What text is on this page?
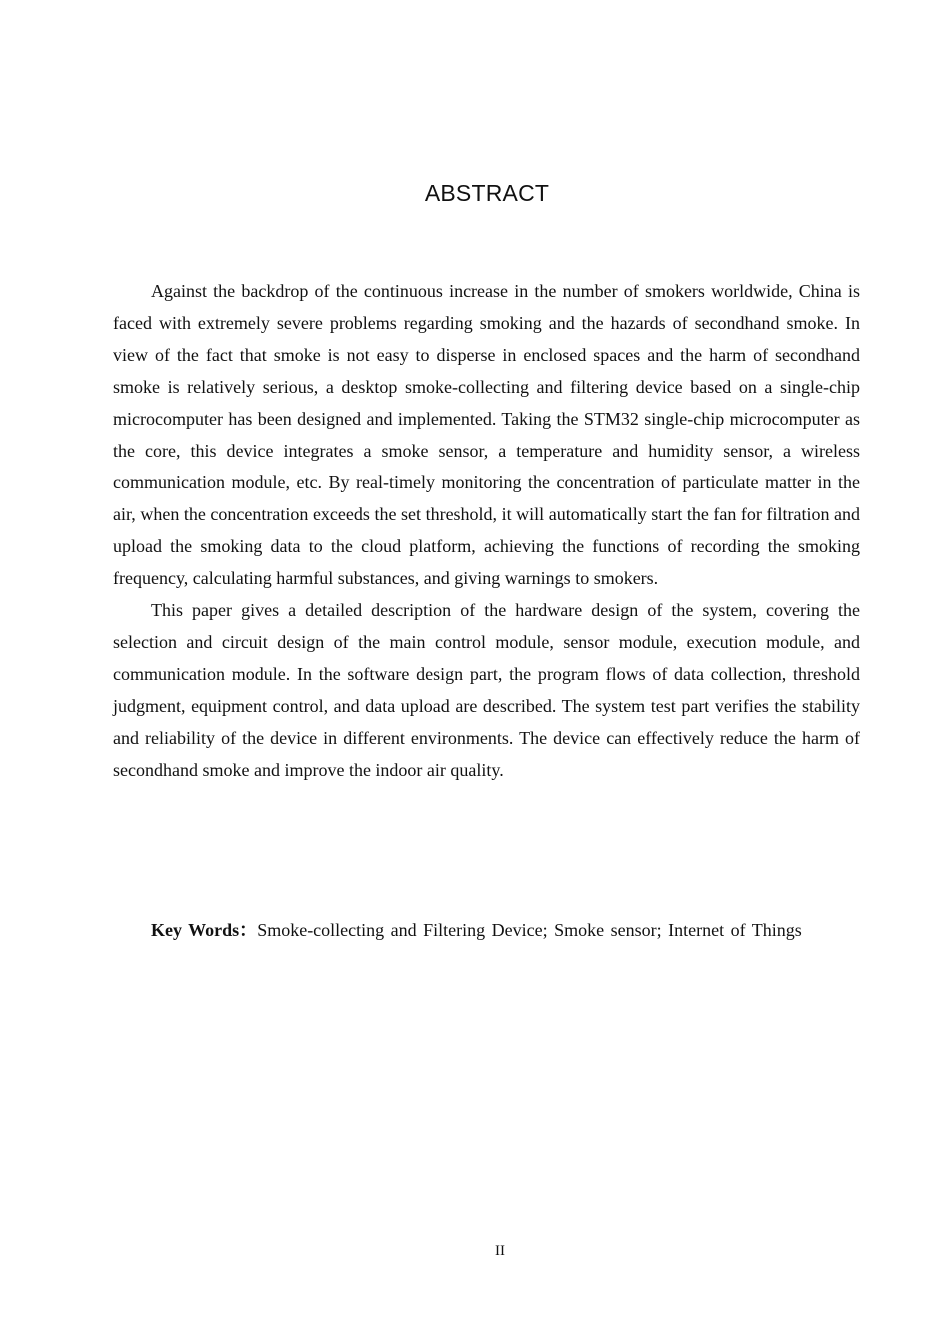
ABSTRACT

Against the backdrop of the continuous increase in the number of smokers worldwide, China is faced with extremely severe problems regarding smoking and the hazards of secondhand smoke. In view of the fact that smoke is not easy to disperse in enclosed spaces and the harm of secondhand smoke is relatively serious, a desktop smoke-collecting and filtering device based on a single-chip microcomputer has been designed and implemented. Taking the STM32 single-chip microcomputer as the core, this device integrates a smoke sensor, a temperature and humidity sensor, a wireless communication module, etc. By real-timely monitoring the concentration of particulate matter in the air, when the concentration exceeds the set threshold, it will automatically start the fan for filtration and upload the smoking data to the cloud platform, achieving the functions of recording the smoking frequency, calculating harmful substances, and giving warnings to smokers.

This paper gives a detailed description of the hardware design of the system, covering the selection and circuit design of the main control module, sensor module, execution module, and communication module. In the software design part, the program flows of data collection, threshold judgment, equipment control, and data upload are described. The system test part verifies the stability and reliability of the device in different environments. The device can effectively reduce the harm of secondhand smoke and improve the indoor air quality.

Key Words：Smoke-collecting and Filtering Device; Smoke sensor; Internet of Things
II
